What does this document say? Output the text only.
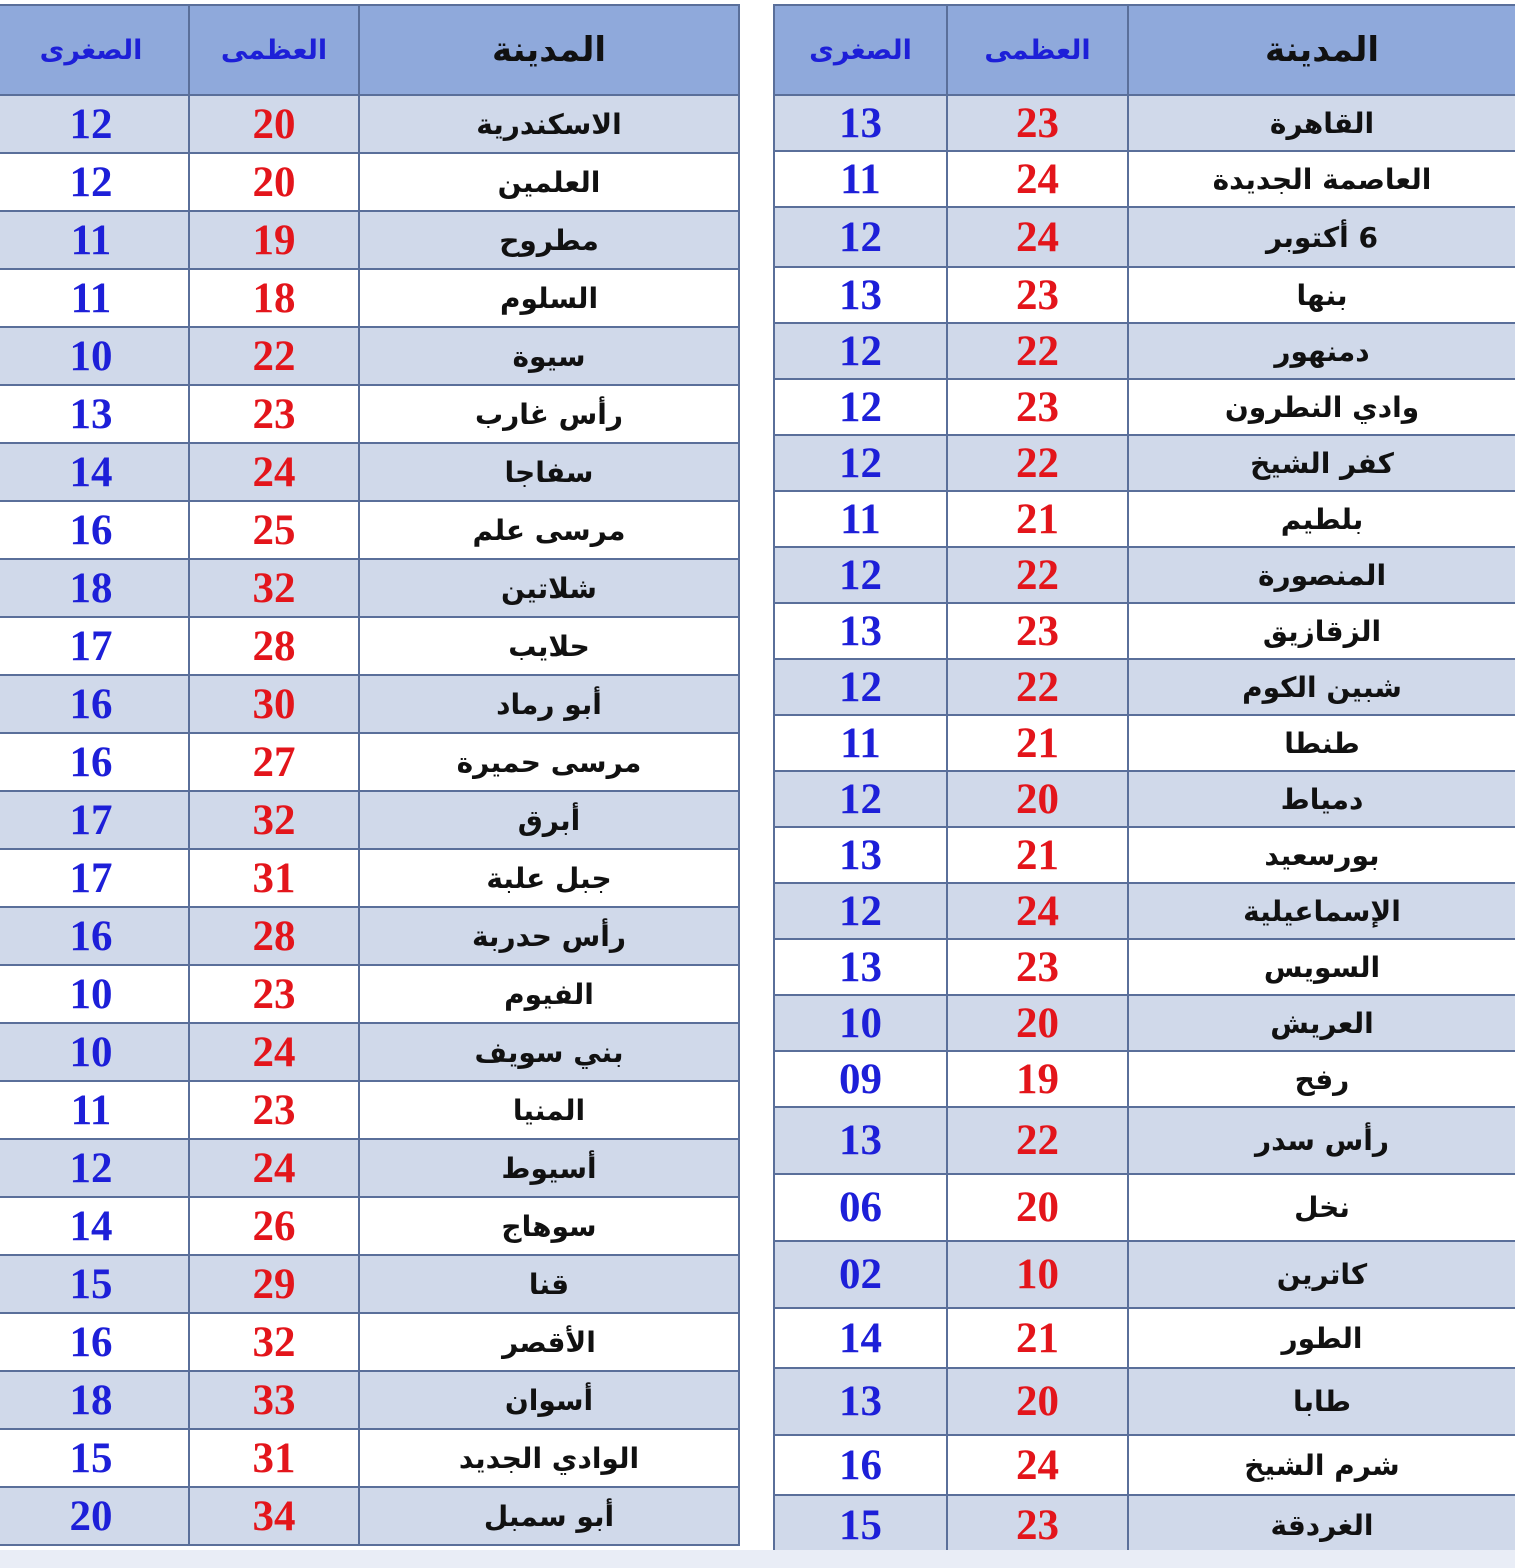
الصغرى	العظمى	المدينة
12	20	الاسكندرية
12	20	العلمين
11	19	مطروح
11	18	السلوم
10	22	سيوة
13	23	رأس غارب
14	24	سفاجا
16	25	مرسى علم
18	32	شلاتين
17	28	حلايب
16	30	أبو رماد
16	27	مرسى حميرة
17	32	أبرق
17	31	جبل علبة
16	28	رأس حدربة
10	23	الفيوم
10	24	بني سويف
11	23	المنيا
12	24	أسيوط
14	26	سوهاج
15	29	قنا
16	32	الأقصر
18	33	أسوان
15	31	الوادي الجديد
20	34	أبو سمبل
الصغرى	العظمى	المدينة
13	23	القاهرة
11	24	العاصمة الجديدة
12	24	6 أكتوبر
13	23	بنها
12	22	دمنهور
12	23	وادي النطرون
12	22	كفر الشيخ
11	21	بلطيم
12	22	المنصورة
13	23	الزقازيق
12	22	شبين الكوم
11	21	طنطا
12	20	دمياط
13	21	بورسعيد
12	24	الإسماعيلية
13	23	السويس
10	20	العريش
09	19	رفح
13	22	رأس سدر
06	20	نخل
02	10	كاترين
14	21	الطور
13	20	طابا
16	24	شرم الشيخ
15	23	الغردقة
